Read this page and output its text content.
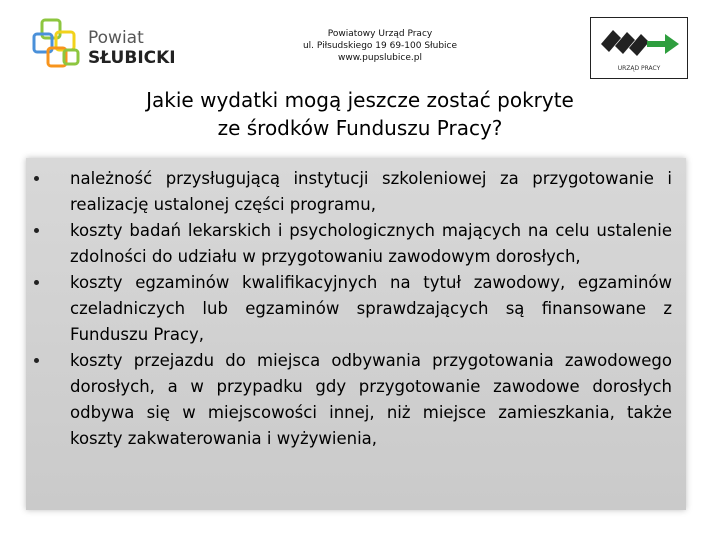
Powiat
SŁUBICKI
Powiatowy Urząd Pracy
ul. Piłsudskiego 19 69-100 Słubice
www.pupslubice.pl
URZĄD PRACY
Jakie wydatki mogą jeszcze zostać pokryte
ze środków Funduszu Pracy?
należność przysługującą instytucji szkoleniowej za przygotowanie i realizację ustalonej części programu,
koszty badań lekarskich i psychologicznych mających na celu ustalenie zdolności do udziału w przygotowaniu zawodowym dorosłych,
koszty egzaminów kwalifikacyjnych na tytuł zawodowy, egzaminów czeladniczych lub egzaminów sprawdzających są finansowane z Funduszu Pracy,
koszty przejazdu do miejsca odbywania przygotowania zawodowego dorosłych, a w przypadku gdy przygotowanie zawodowe dorosłych odbywa się w miejscowości innej, niż miejsce zamieszkania, także koszty zakwaterowania i wyżywienia,
